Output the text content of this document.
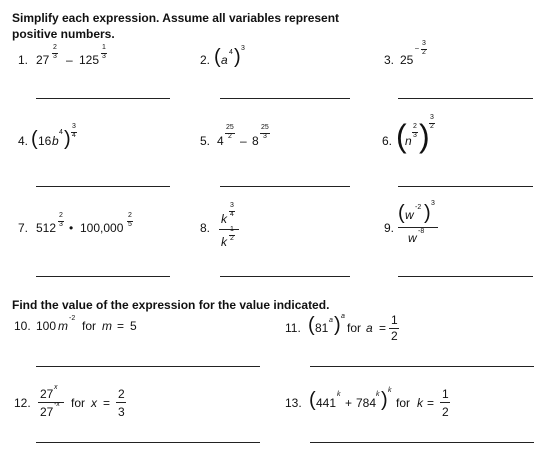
Simplify each expression. Assume all variables represent
positive numbers.
1. 27
2
3 – 125
1
3	2. ( a
4 ) 3
3. 25
–
3
2
4. ( 16 b
4 )
3
4	5. 4
25
2 – 8
25
3	6. (
n
2
3 )
3
2
7. 512
2
3 • 100,000
2
5	8.
k
3
4
k
1
2
9.
( w
-2 ) 3
w -8
Find the value of the expression for the value indicated.
10. 100 m
-2
for m = 5	11. ( 81
a ) a
for a =
1
2
12.
27 x
27
-x for x =
2
3
13. ( 441
k
+ 784
k ) k
for k =
1
2
